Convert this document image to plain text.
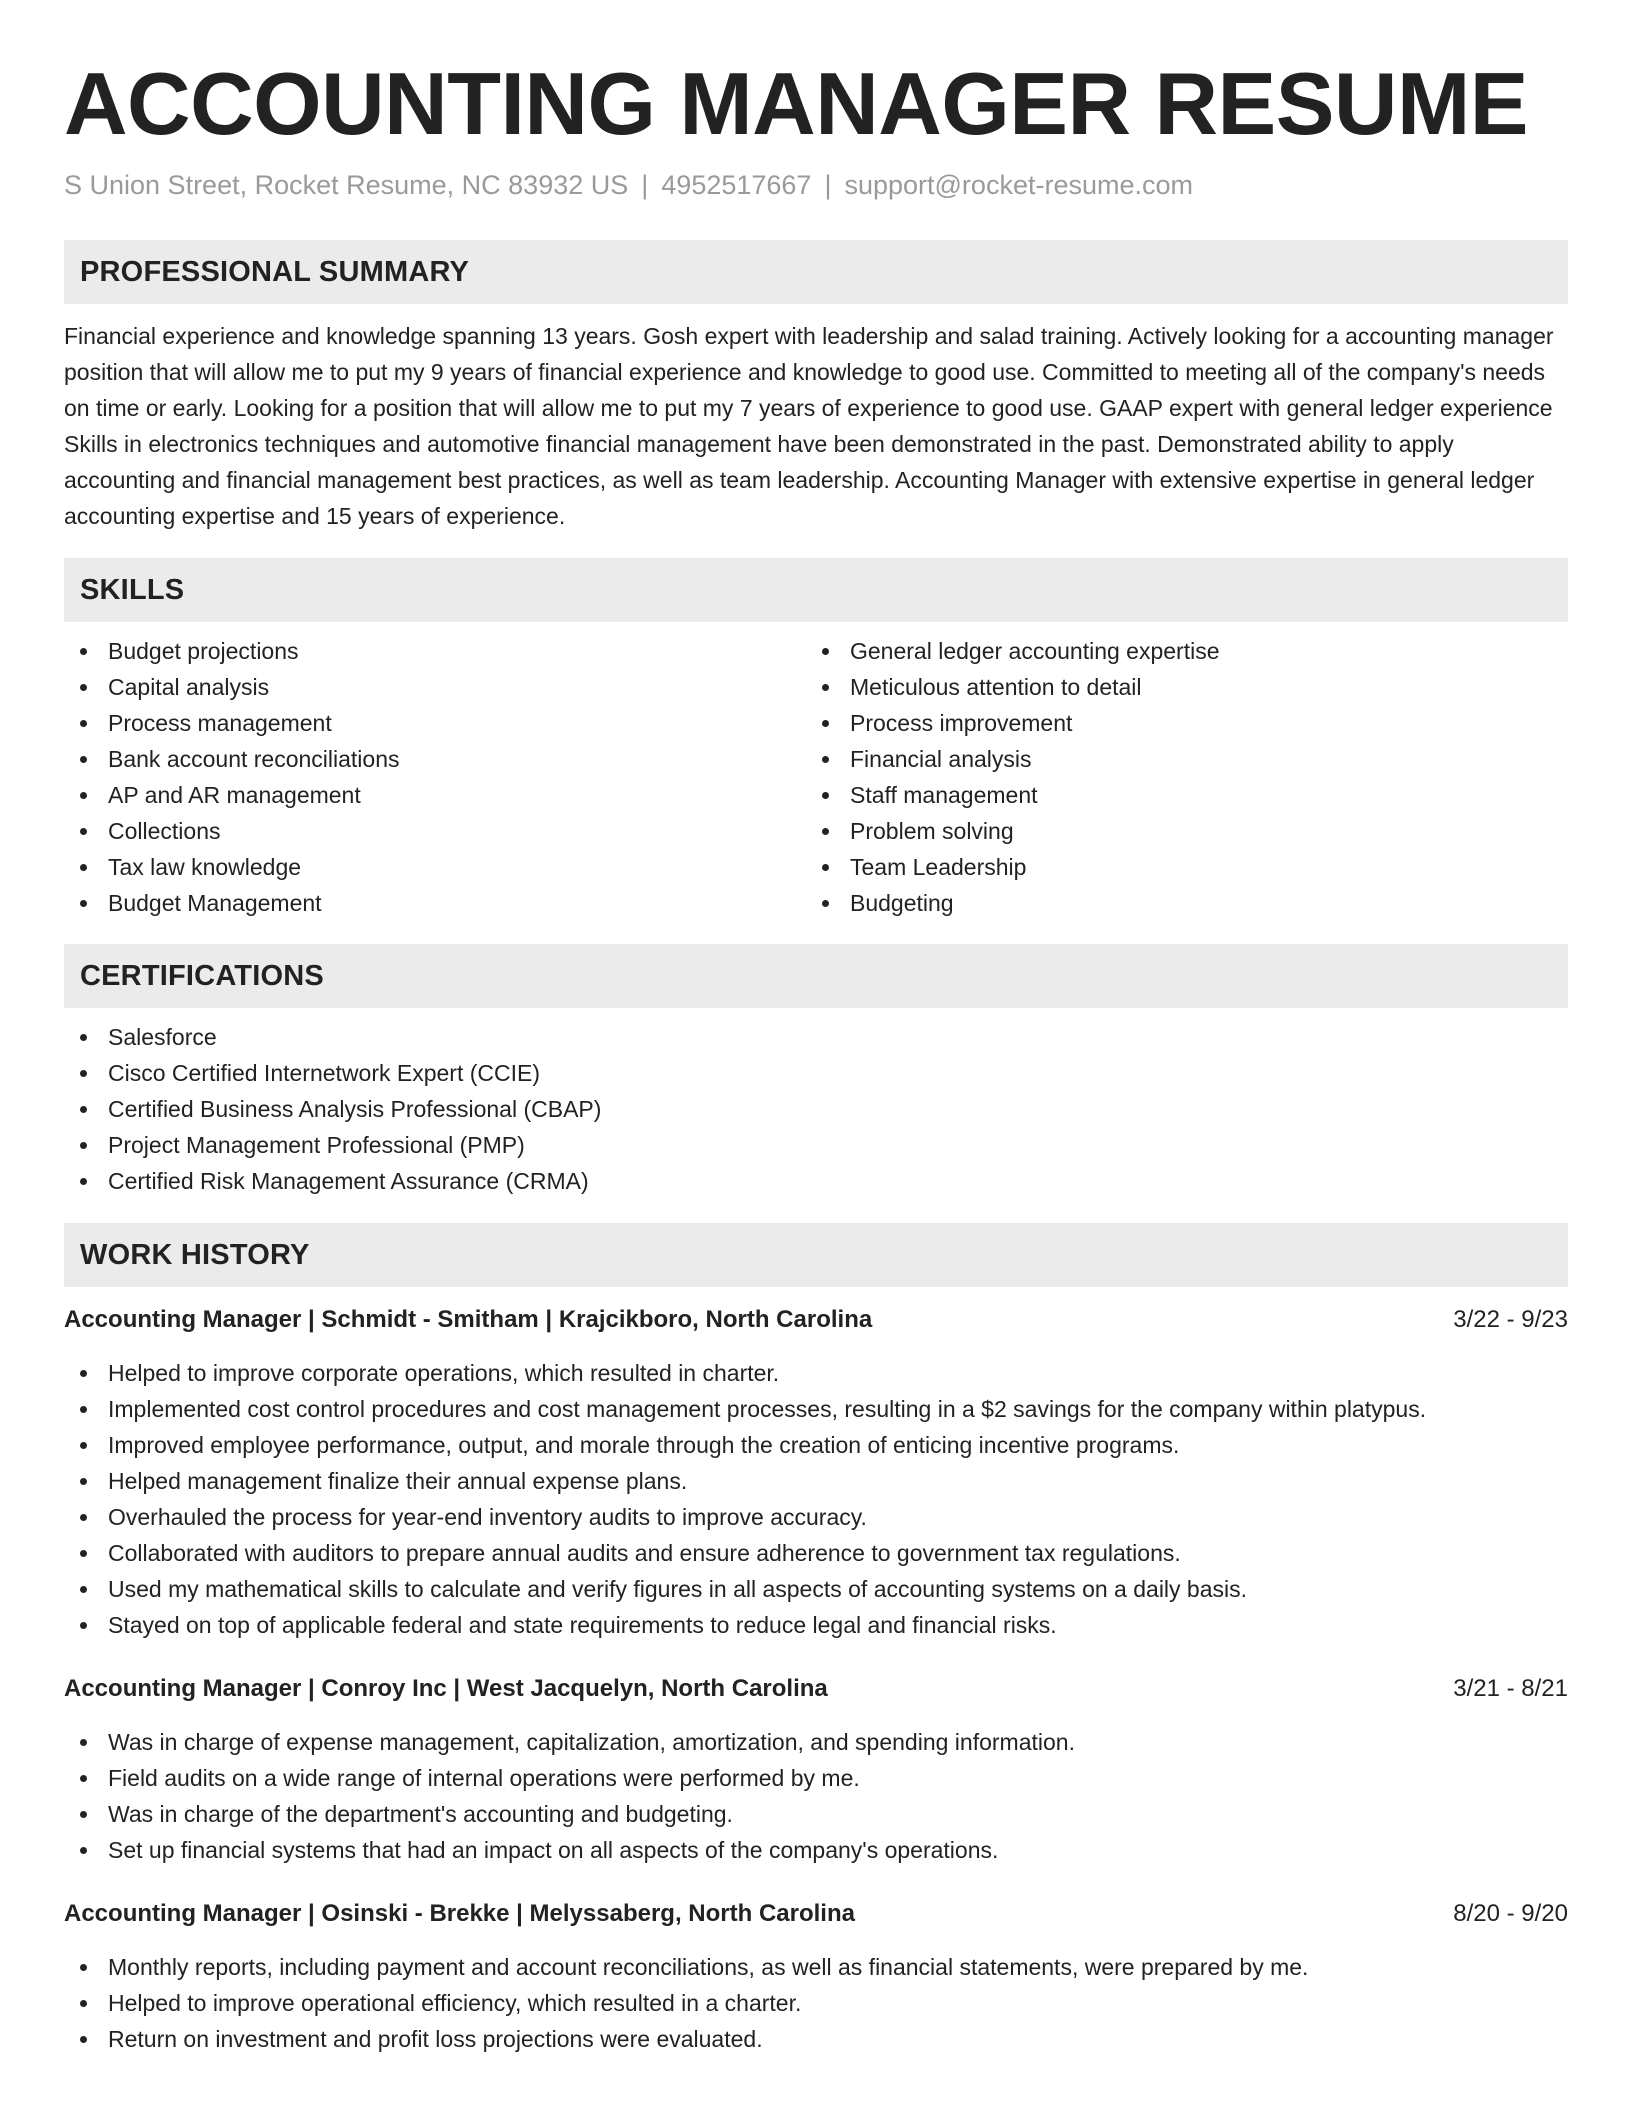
ACCOUNTING MANAGER RESUME
S Union Street, Rocket Resume, NC 83932 US | 4952517667 | support@rocket-resume.com
PROFESSIONAL SUMMARY

Financial experience and knowledge spanning 13 years. Gosh expert with leadership and salad training. Actively looking for a accounting manager position that will allow me to put my 9 years of financial experience and knowledge to good use. Committed to meeting all of the company's needs on time or early. Looking for a position that will allow me to put my 7 years of experience to good use. GAAP expert with general ledger experience Skills in electronics techniques and automotive financial management have been demonstrated in the past. Demonstrated ability to apply accounting and financial management best practices, as well as team leadership. Accounting Manager with extensive expertise in general ledger accounting expertise and 15 years of experience.

SKILLS
Budget projections
Capital analysis
Process management
Bank account reconciliations
AP and AR management
Collections
Tax law knowledge
Budget Management
General ledger accounting expertise
Meticulous attention to detail
Process improvement
Financial analysis
Staff management
Problem solving
Team Leadership
Budgeting
CERTIFICATIONS
Salesforce
Cisco Certified Internetwork Expert (CCIE)
Certified Business Analysis Professional (CBAP)
Project Management Professional (PMP)
Certified Risk Management Assurance (CRMA)
WORK HISTORY
Accounting Manager | Schmidt - Smitham | Krajcikboro, North Carolina	3/22 - 9/23
Helped to improve corporate operations, which resulted in charter.
Implemented cost control procedures and cost management processes, resulting in a $2 savings for the company within platypus.
Improved employee performance, output, and morale through the creation of enticing incentive programs.
Helped management finalize their annual expense plans.
Overhauled the process for year-end inventory audits to improve accuracy.
Collaborated with auditors to prepare annual audits and ensure adherence to government tax regulations.
Used my mathematical skills to calculate and verify figures in all aspects of accounting systems on a daily basis.
Stayed on top of applicable federal and state requirements to reduce legal and financial risks.
Accounting Manager | Conroy Inc | West Jacquelyn, North Carolina	3/21 - 8/21
Was in charge of expense management, capitalization, amortization, and spending information.
Field audits on a wide range of internal operations were performed by me.
Was in charge of the department's accounting and budgeting.
Set up financial systems that had an impact on all aspects of the company's operations.
Accounting Manager | Osinski - Brekke | Melyssaberg, North Carolina	8/20 - 9/20
Monthly reports, including payment and account reconciliations, as well as financial statements, were prepared by me.
Helped to improve operational efficiency, which resulted in a charter.
Return on investment and profit loss projections were evaluated.
